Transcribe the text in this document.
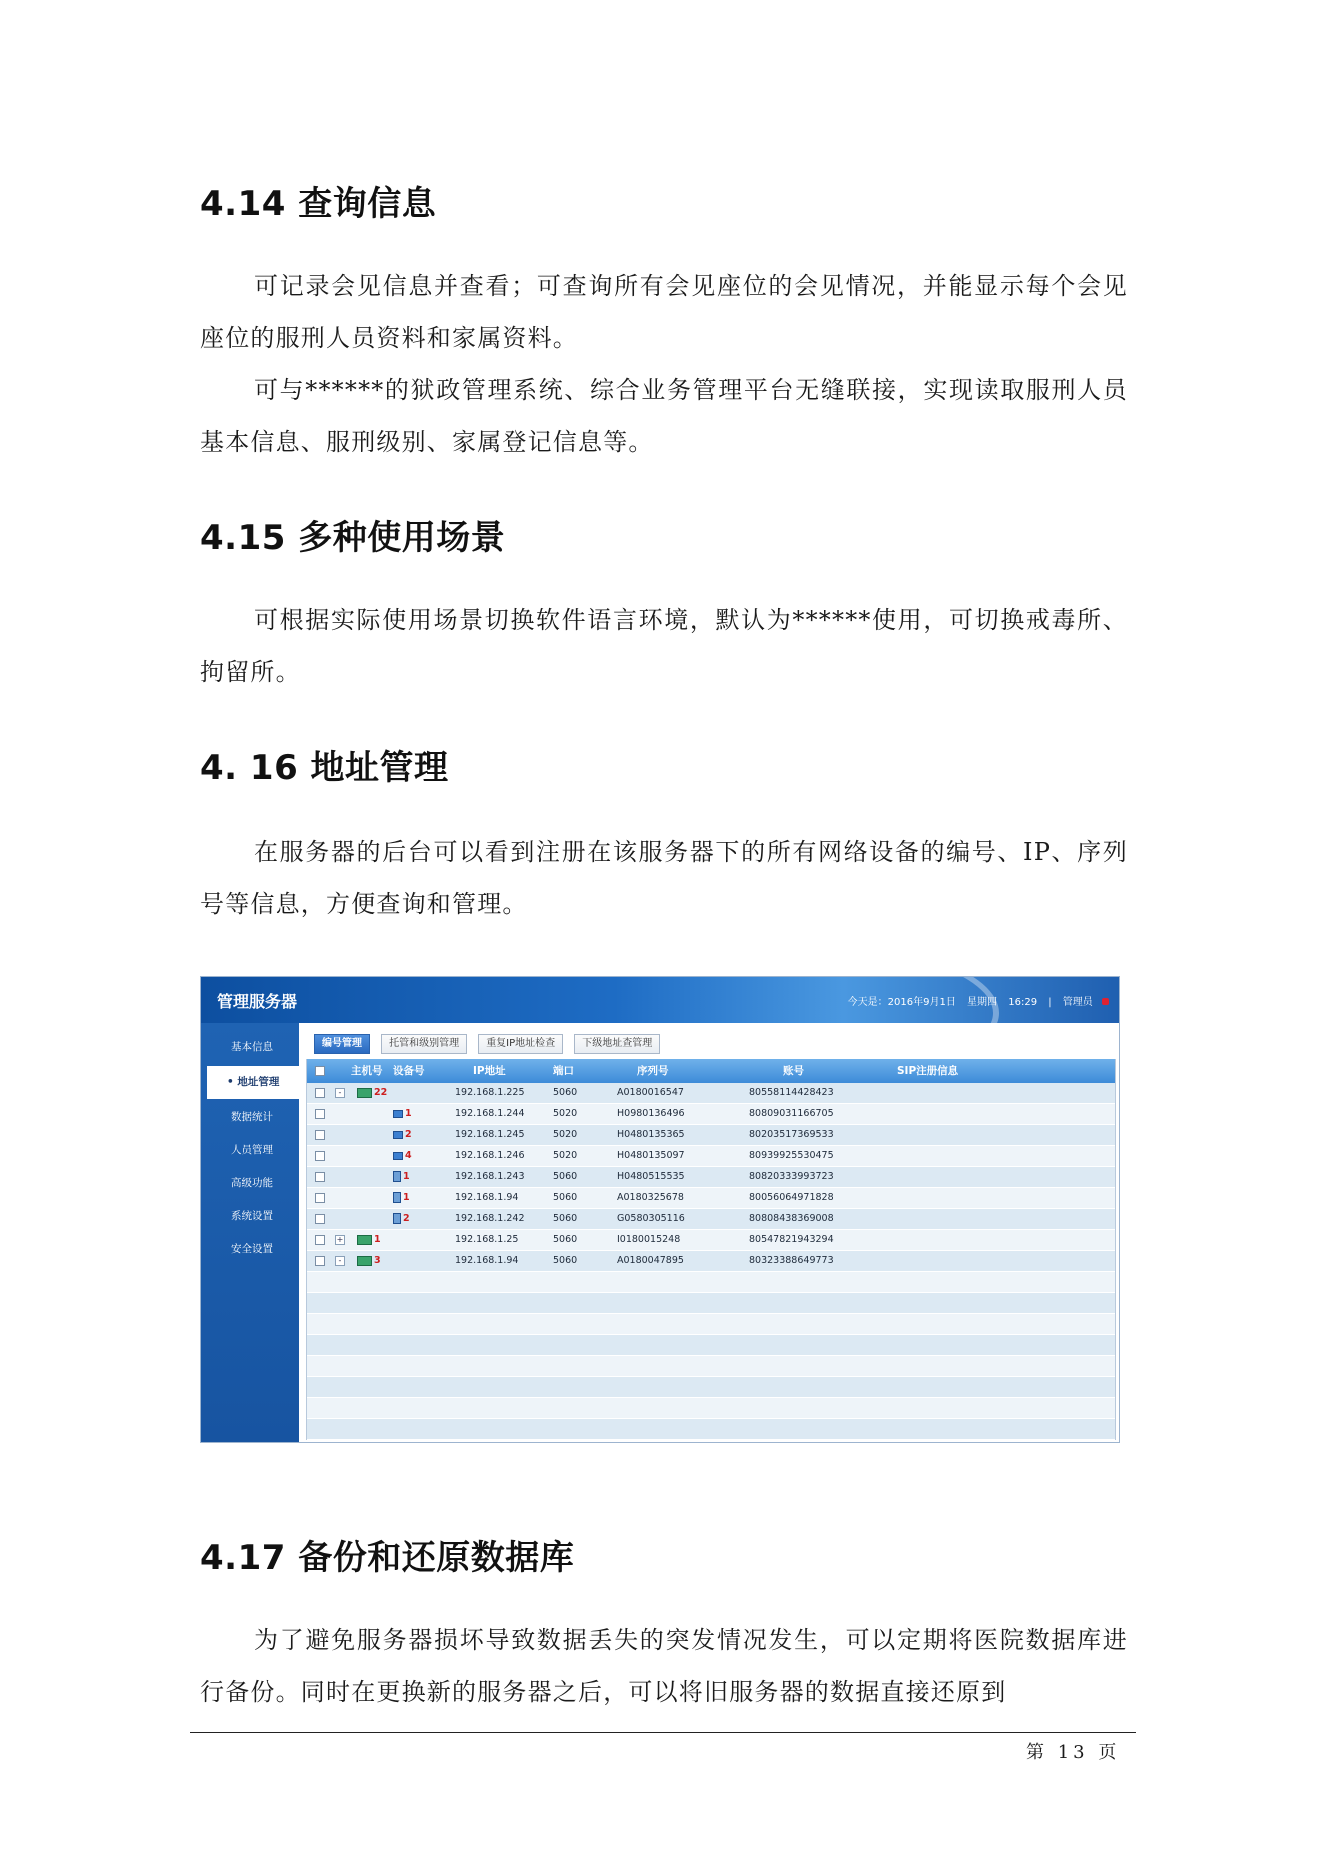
4.14 查询信息

可记录会见信息并查看；可查询所有会见座位的会见情况，并能显示每个会见座位的服刑人员资料和家属资料。

可与******的狱政管理系统、综合业务管理平台无缝联接，实现读取服刑人员基本信息、服刑级别、家属登记信息等。

4.15 多种使用场景

可根据实际使用场景切换软件语言环境，默认为******使用，可切换戒毒所、拘留所。

4. 16 地址管理

在服务器的后台可以看到注册在该服务器下的所有网络设备的编号、IP、序列号等信息，方便查询和管理。

管理服务器	今天是：2016年9月1日 星期四 16:29 | 管理员
基本信息
• 地址管理
数据统计
人员管理
高级功能
系统设置
安全设置
编号管理	托管和级别管理	重复IP地址检查	下级地址查管理
主机号 设备号	IP地址	端口	序列号	账号	SIP注册信息
-	22	192.168.1.225	5060	A0180016547	80558114428423
1	192.168.1.244	5020	H0980136496	80809031166705
2	192.168.1.245	5020	H0480135365	80203517369533
4	192.168.1.246	5020	H0480135097	80939925530475
1	192.168.1.243	5060	H0480515535	80820333993723
1	192.168.1.94	5060	A0180325678	80056064971828
2	192.168.1.242	5060	G0580305116	80808438369008
+	1	192.168.1.25	5060	I0180015248	80547821943294
-	3	192.168.1.94	5060	A0180047895	80323388649773
4.17 备份和还原数据库

为了避免服务器损坏导致数据丢失的突发情况发生，可以定期将医院数据库进行备份。同时在更换新的服务器之后，可以将旧服务器的数据直接还原到

第 13 页
